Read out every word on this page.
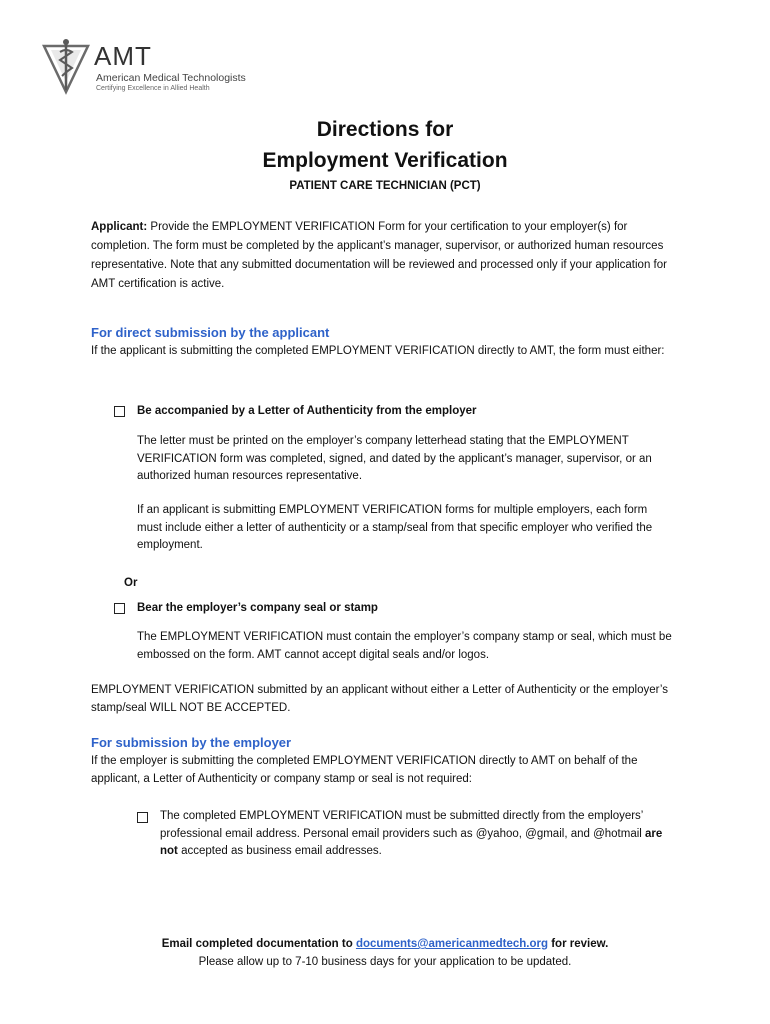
AMT
American Medical Technologists
Certifying Excellence in Allied Health
Directions for
Employment Verification
PATIENT CARE TECHNICIAN (PCT)
Applicant: Provide the EMPLOYMENT VERIFICATION Form for your certification to your employer(s) for completion. The form must be completed by the applicant’s manager, supervisor, or authorized human resources representative. Note that any submitted documentation will be reviewed and processed only if your application for AMT certification is active.
For direct submission by the applicant
If the applicant is submitting the completed EMPLOYMENT VERIFICATION directly to AMT, the form must either:
Be accompanied by a Letter of Authenticity from the employer
The letter must be printed on the employer’s company letterhead stating that the EMPLOYMENT VERIFICATION form was completed, signed, and dated by the applicant’s manager, supervisor, or an authorized human resources representative.
If an applicant is submitting EMPLOYMENT VERIFICATION forms for multiple employers, each form must include either a letter of authenticity or a stamp/seal from that specific employer who verified the employment.
Or
Bear the employer’s company seal or stamp
The EMPLOYMENT VERIFICATION must contain the employer’s company stamp or seal, which must be embossed on the form. AMT cannot accept digital seals and/or logos.
EMPLOYMENT VERIFICATION submitted by an applicant without either a Letter of Authenticity or the employer’s stamp/seal WILL NOT BE ACCEPTED.
For submission by the employer
If the employer is submitting the completed EMPLOYMENT VERIFICATION directly to AMT on behalf of the applicant, a Letter of Authenticity or company stamp or seal is not required:
The completed EMPLOYMENT VERIFICATION must be submitted directly from the employers’ professional email address. Personal email providers such as @yahoo, @gmail, and @hotmail are not accepted as business email addresses.
Email completed documentation to documents@americanmedtech.org for review.
Please allow up to 7-10 business days for your application to be updated.
